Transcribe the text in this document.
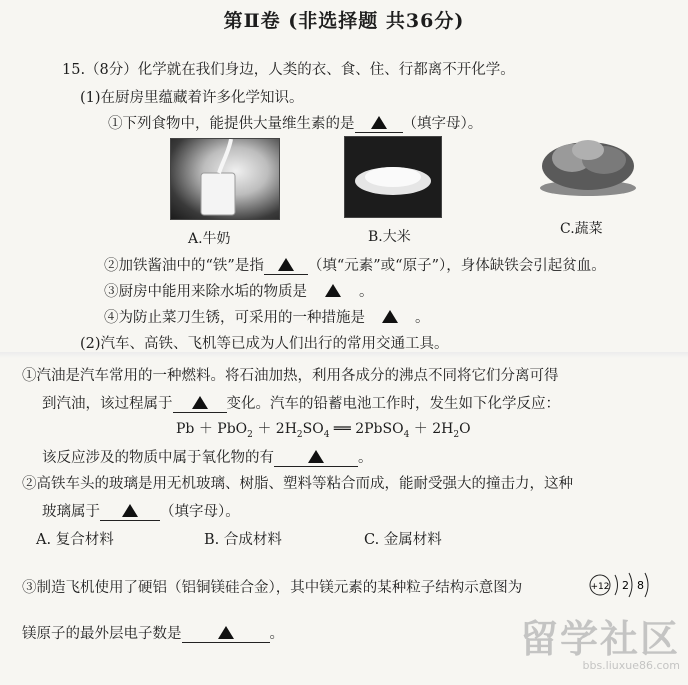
第Ⅱ卷 (非选择题 共36分)
15.（8分）化学就在我们身边，人类的衣、食、住、行都离不开化学。
(1)在厨房里蕴藏着许多化学知识。
①下列食物中，能提供大量维生素的是	（填字母）。
A.牛奶	B.大米	C.蔬菜
②加铁酱油中的“铁”是指	（填“元素”或“原子”），身体缺铁会引起贫血。
③厨房中能用来除水垢的物质是	。
④为防止菜刀生锈，可采用的一种措施是	。
(2)汽车、高铁、飞机等已成为人们出行的常用交通工具。
①汽油是汽车常用的一种燃料。将石油加热，利用各成分的沸点不同将它们分离可得
到汽油，该过程属于	变化。汽车的铅蓄电池工作时，发生如下化学反应：
$Pb + PbO_2 + 2H_2SO_4$ ══ 2PbSO$_4$ ＋ $2H_2O$
该反应涉及的物质中属于氧化物的有	。
②高铁车头的玻璃是用无机玻璃、树脂、塑料等粘合而成，能耐受强大的撞击力，这种
玻璃属于	（填字母）。
A. 复合材料	B. 合成材料	C. 金属材料
③制造飞机使用了硬铝（铝铜镁硅合金），其中镁元素的某种粒子结构示意图为	+12 2 8
镁原子的最外层电子数是	。	留学社区
bbs.liuxue86.com
